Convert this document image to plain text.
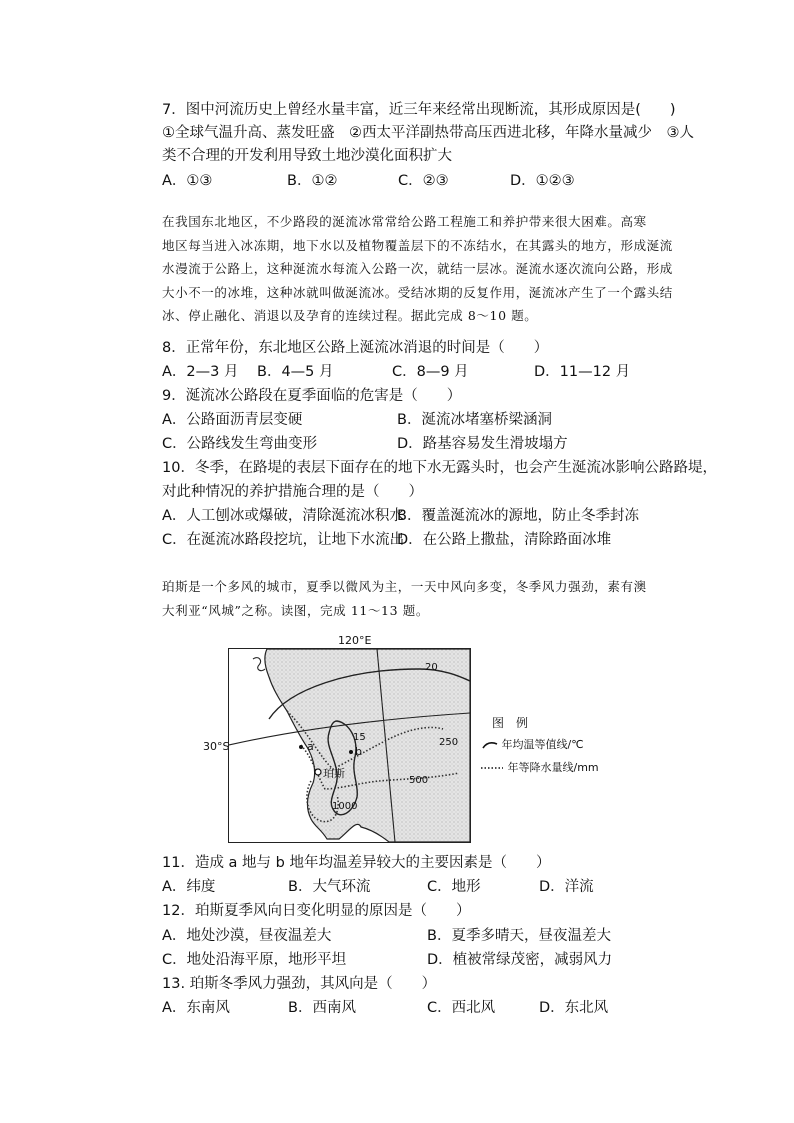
7．图中河流历史上曾经水量丰富，近三年来经常出现断流，其形成原因是(　　)
①全球气温升高、蒸发旺盛　②西太平洋副热带高压西进北移，年降水量减少　③人
类不合理的开发利用导致土地沙漠化面积扩大
A．①③	B．①②	C．②③	D．①②③
在我国东北地区，不少路段的涎流冰常常给公路工程施工和养护带来很大困难。高寒
地区每当进入冰冻期，地下水以及植物覆盖层下的不冻结水，在其露头的地方，形成涎流
水漫流于公路上，这种涎流水每流入公路一次，就结一层冰。涎流水逐次流向公路，形成
大小不一的冰堆，这种冰就叫做涎流冰。受结冰期的反复作用，涎流冰产生了一个露头结
冰、停止融化、消退以及孕育的连续过程。据此完成 8～10 题。
8．正常年份，东北地区公路上涎流冰消退的时间是（　　）
A．2—3 月 B．4—5 月	C．8—9 月	D．11—12 月
9．涎流冰公路段在夏季面临的危害是（　　）
A．公路面沥青层变硬	B．涎流冰堵塞桥梁涵洞
C．公路线发生弯曲变形	D．路基容易发生滑坡塌方
10．冬季，在路堤的表层下面存在的地下水无露头时，也会产生涎流冰影响公路路堤，
对此种情况的养护措施合理的是（　　）
A．人工刨冰或爆破，清除涎流冰积水
B．覆盖涎流冰的源地，防止冬季封冻
C．在涎流冰路段挖坑，让地下水流出
D．在公路上撒盐，清除路面冰堆
珀斯是一个多风的城市，夏季以微风为主，一天中风向多变，冬季风力强劲，素有澳
大利亚“风城”之称。读图，完成 11～13 题。
120°E
30°S
20
15	250
500
1000
a	b
珀斯
图　例
年均温等值线/℃
年等降水量线/mm
11．造成 a 地与 b 地年均温差异较大的主要因素是（　　）
A．纬度	B．大气环流	C．地形	D．洋流
12．珀斯夏季风向日变化明显的原因是（　　）
A．地处沙漠，昼夜温差大	B．夏季多晴天，昼夜温差大
C．地处沿海平原，地形平坦	D．植被常绿茂密，减弱风力
13. 珀斯冬季风力强劲，其风向是（　　）
A．东南风	B．西南风	C．西北风	D．东北风
